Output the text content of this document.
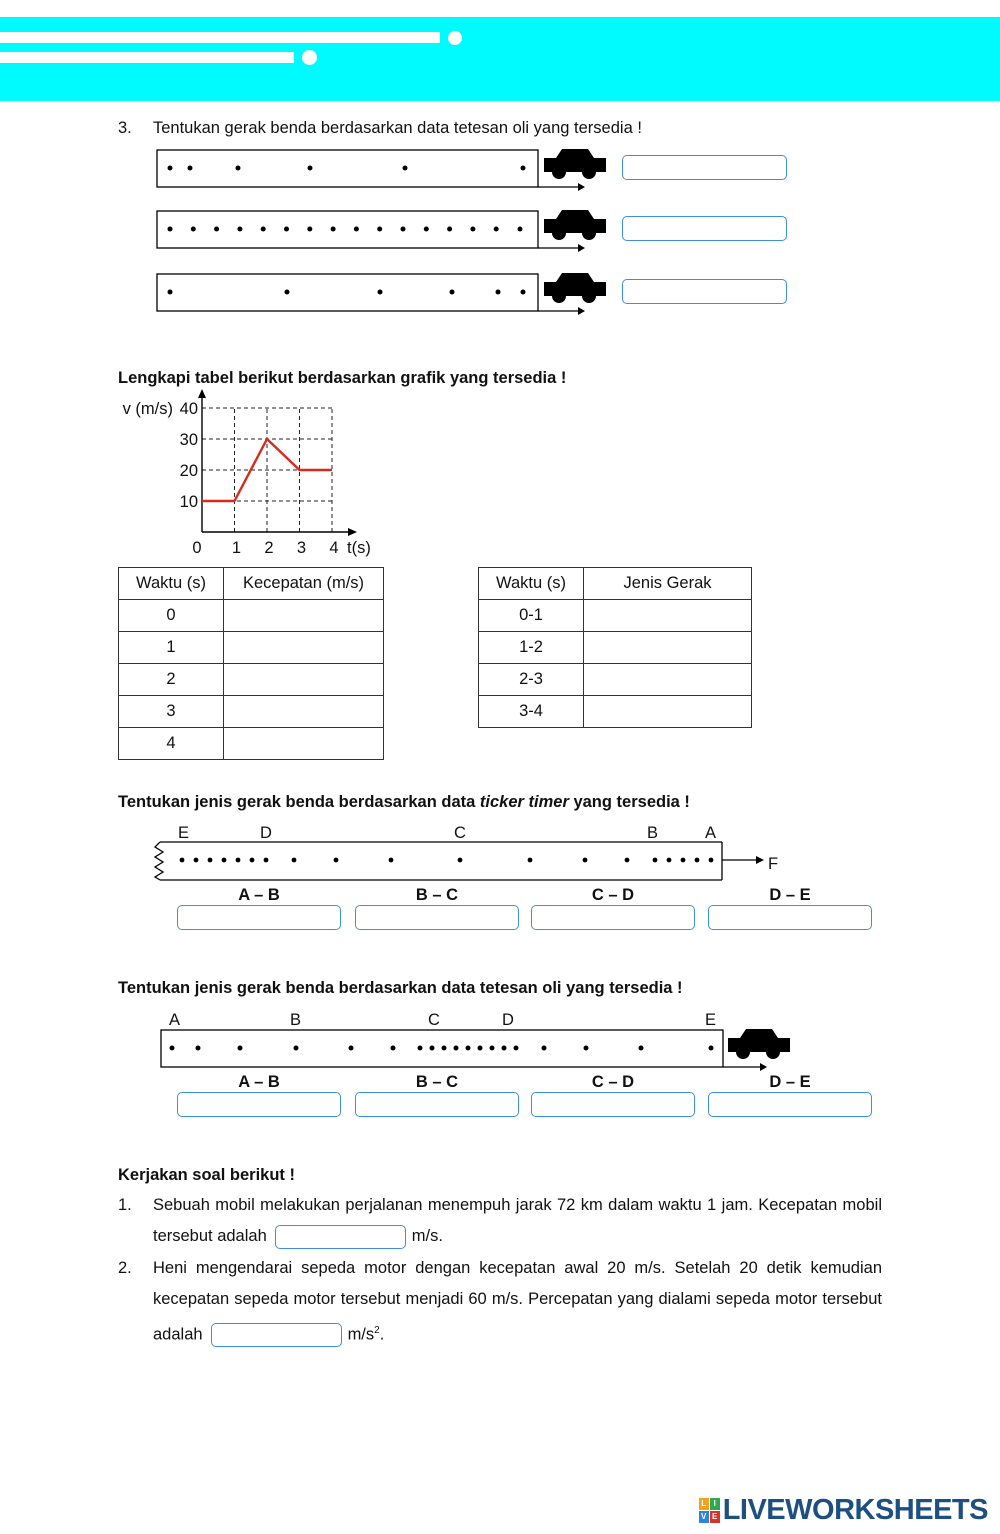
3. Tentukan gerak benda berdasarkan data tetesan oli yang tersedia !
Lengkapi tabel berikut berdasarkan grafik yang tersedia !
10
20
30
40
v (m/s)
0 1 2 3 4 t(s)
Waktu (s)	Kecepatan (m/s)
0	
1	
2	
3	
4	
Waktu (s)	Jenis Gerak
0-1	
1-2	
2-3	
3-4	
Tentukan jenis gerak benda berdasarkan data ticker timer yang tersedia !
E	D	C	B	A
F
A – B	B – C	C – D	D – E
Tentukan jenis gerak benda berdasarkan data tetesan oli yang tersedia !
A	B	C	D	E
A – B	B – C	C – D	D – E
Kerjakan soal berikut !
1. Sebuah mobil melakukan perjalanan menempuh jarak 72 km dalam waktu 1 jam. Kecepatan mobil tersebut adalah	m/s.
2. Heni mengendarai sepeda motor dengan kecepatan awal 20 m/s. Setelah 20 detik kemudian kecepatan sepeda motor tersebut menjadi 60 m/s. Percepatan yang dialami sepeda motor tersebut adalah	$m/s^2$.
L I
V E LIVEWORKSHEETS
